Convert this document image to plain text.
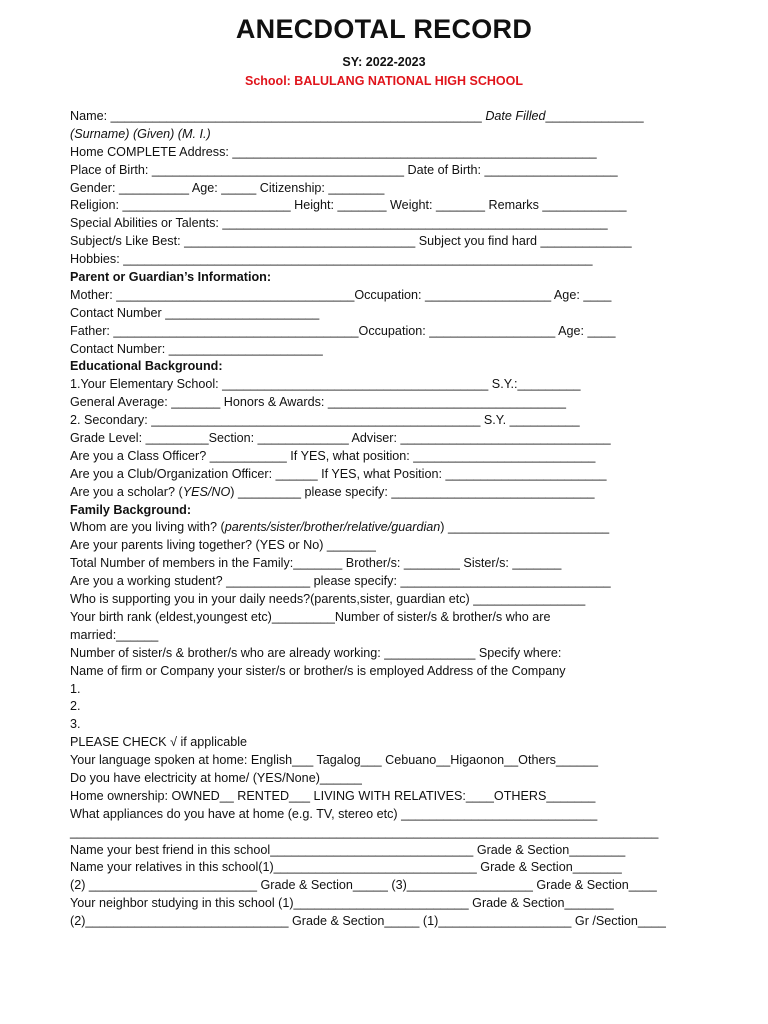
ANECDOTAL RECORD
SY: 2022-2023
School: BALULANG NATIONAL HIGH SCHOOL
Name: _____________________________________________________ Date Filled______________
(Surname) (Given) (M. I.)
Home COMPLETE Address: ____________________________________________________
Place of Birth: ____________________________________ Date of Birth: ___________________
Gender: __________ Age: _____ Citizenship: ________
Religion: ________________________ Height: _______ Weight: _______ Remarks ____________
Special Abilities or Talents: _______________________________________________________
Subject/s Like Best: _________________________________ Subject you find hard _____________
Hobbies: ___________________________________________________________________
Parent or Guardian’s Information:
Mother: __________________________________Occupation: __________________ Age: ____
Contact Number ______________________
Father: ___________________________________Occupation: __________________ Age: ____
Contact Number: ______________________
Educational Background:
1.Your Elementary School: ______________________________________ S.Y.:_________
General Average: _______ Honors & Awards: __________________________________
2. Secondary: _______________________________________________ S.Y. __________
Grade Level: _________Section: _____________ Adviser: ______________________________
Are you a Class Officer? ___________ If YES, what position: __________________________
Are you a Club/Organization Officer: ______ If YES, what Position: _______________________
Are you a scholar? (YES/NO) _________ please specify: _____________________________
Family Background:
Whom are you living with? (parents/sister/brother/relative/guardian) _______________________
Are your parents living together? (YES or No) _______
Total Number of members in the Family:_______ Brother/s: ________ Sister/s: _______
Are you a working student? ____________ please specify: ______________________________
Who is supporting you in your daily needs?(parents,sister, guardian etc) ________________
Your birth rank (eldest,youngest etc)_________Number of sister/s & brother/s who are
married:______
Number of sister/s & brother/s who are already working: _____________ Specify where:
Name of firm or Company your sister/s or brother/s is employed Address of the Company
1.
2.
3.
PLEASE CHECK √ if applicable
Your language spoken at home: English___ Tagalog___ Cebuano__Higaonon__Others______
Do you have electricity at home/ (YES/None)______
Home ownership: OWNED__ RENTED___ LIVING WITH RELATIVES:____OTHERS_______
What appliances do you have at home (e.g. TV, stereo etc) ____________________________
____________________________________________________________________________________
Name your best friend in this school_____________________________ Grade & Section________
Name your relatives in this school(1)_____________________________ Grade & Section_______
(2) ________________________ Grade & Section_____ (3)__________________ Grade & Section____
Your neighbor studying in this school (1)_________________________ Grade & Section_______
(2)_____________________________ Grade & Section_____ (1)___________________ Gr /Section____
